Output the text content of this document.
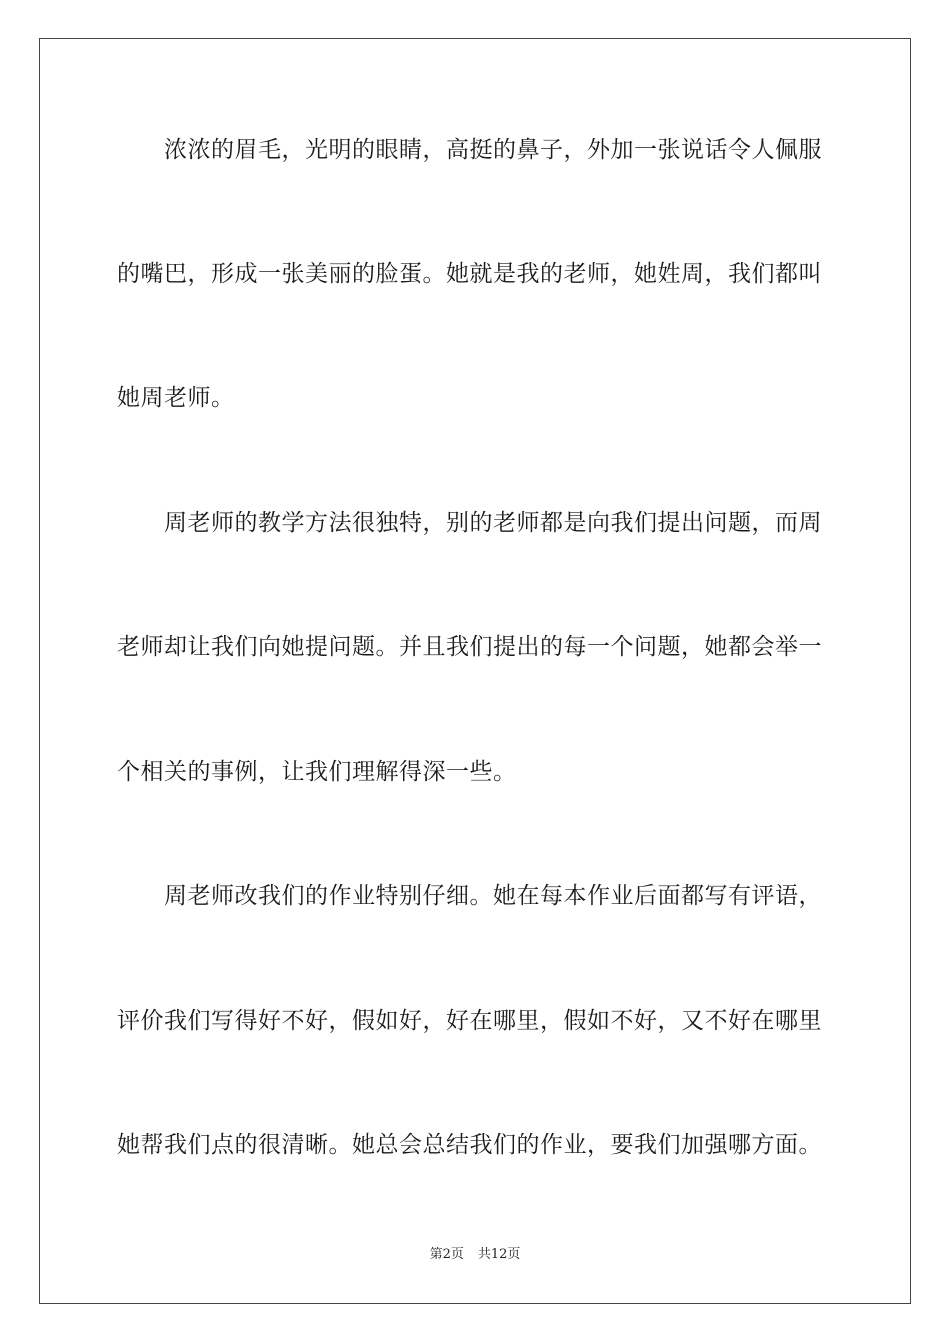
浓浓的眉毛，光明的眼睛，高挺的鼻子，外加一张说话令人佩服
的嘴巴，形成一张美丽的脸蛋。她就是我的老师，她姓周，我们都叫
她周老师。
周老师的教学方法很独特，别的老师都是向我们提出问题，而周
老师却让我们向她提问题。并且我们提出的每一个问题，她都会举一
个相关的事例，让我们理解得深一些。
周老师改我们的作业特别仔细。她在每本作业后面都写有评语，
评价我们写得好不好，假如好，好在哪里，假如不好，又不好在哪里
她帮我们点的很清晰。她总会总结我们的作业，要我们加强哪方面。
第2页 共12页
